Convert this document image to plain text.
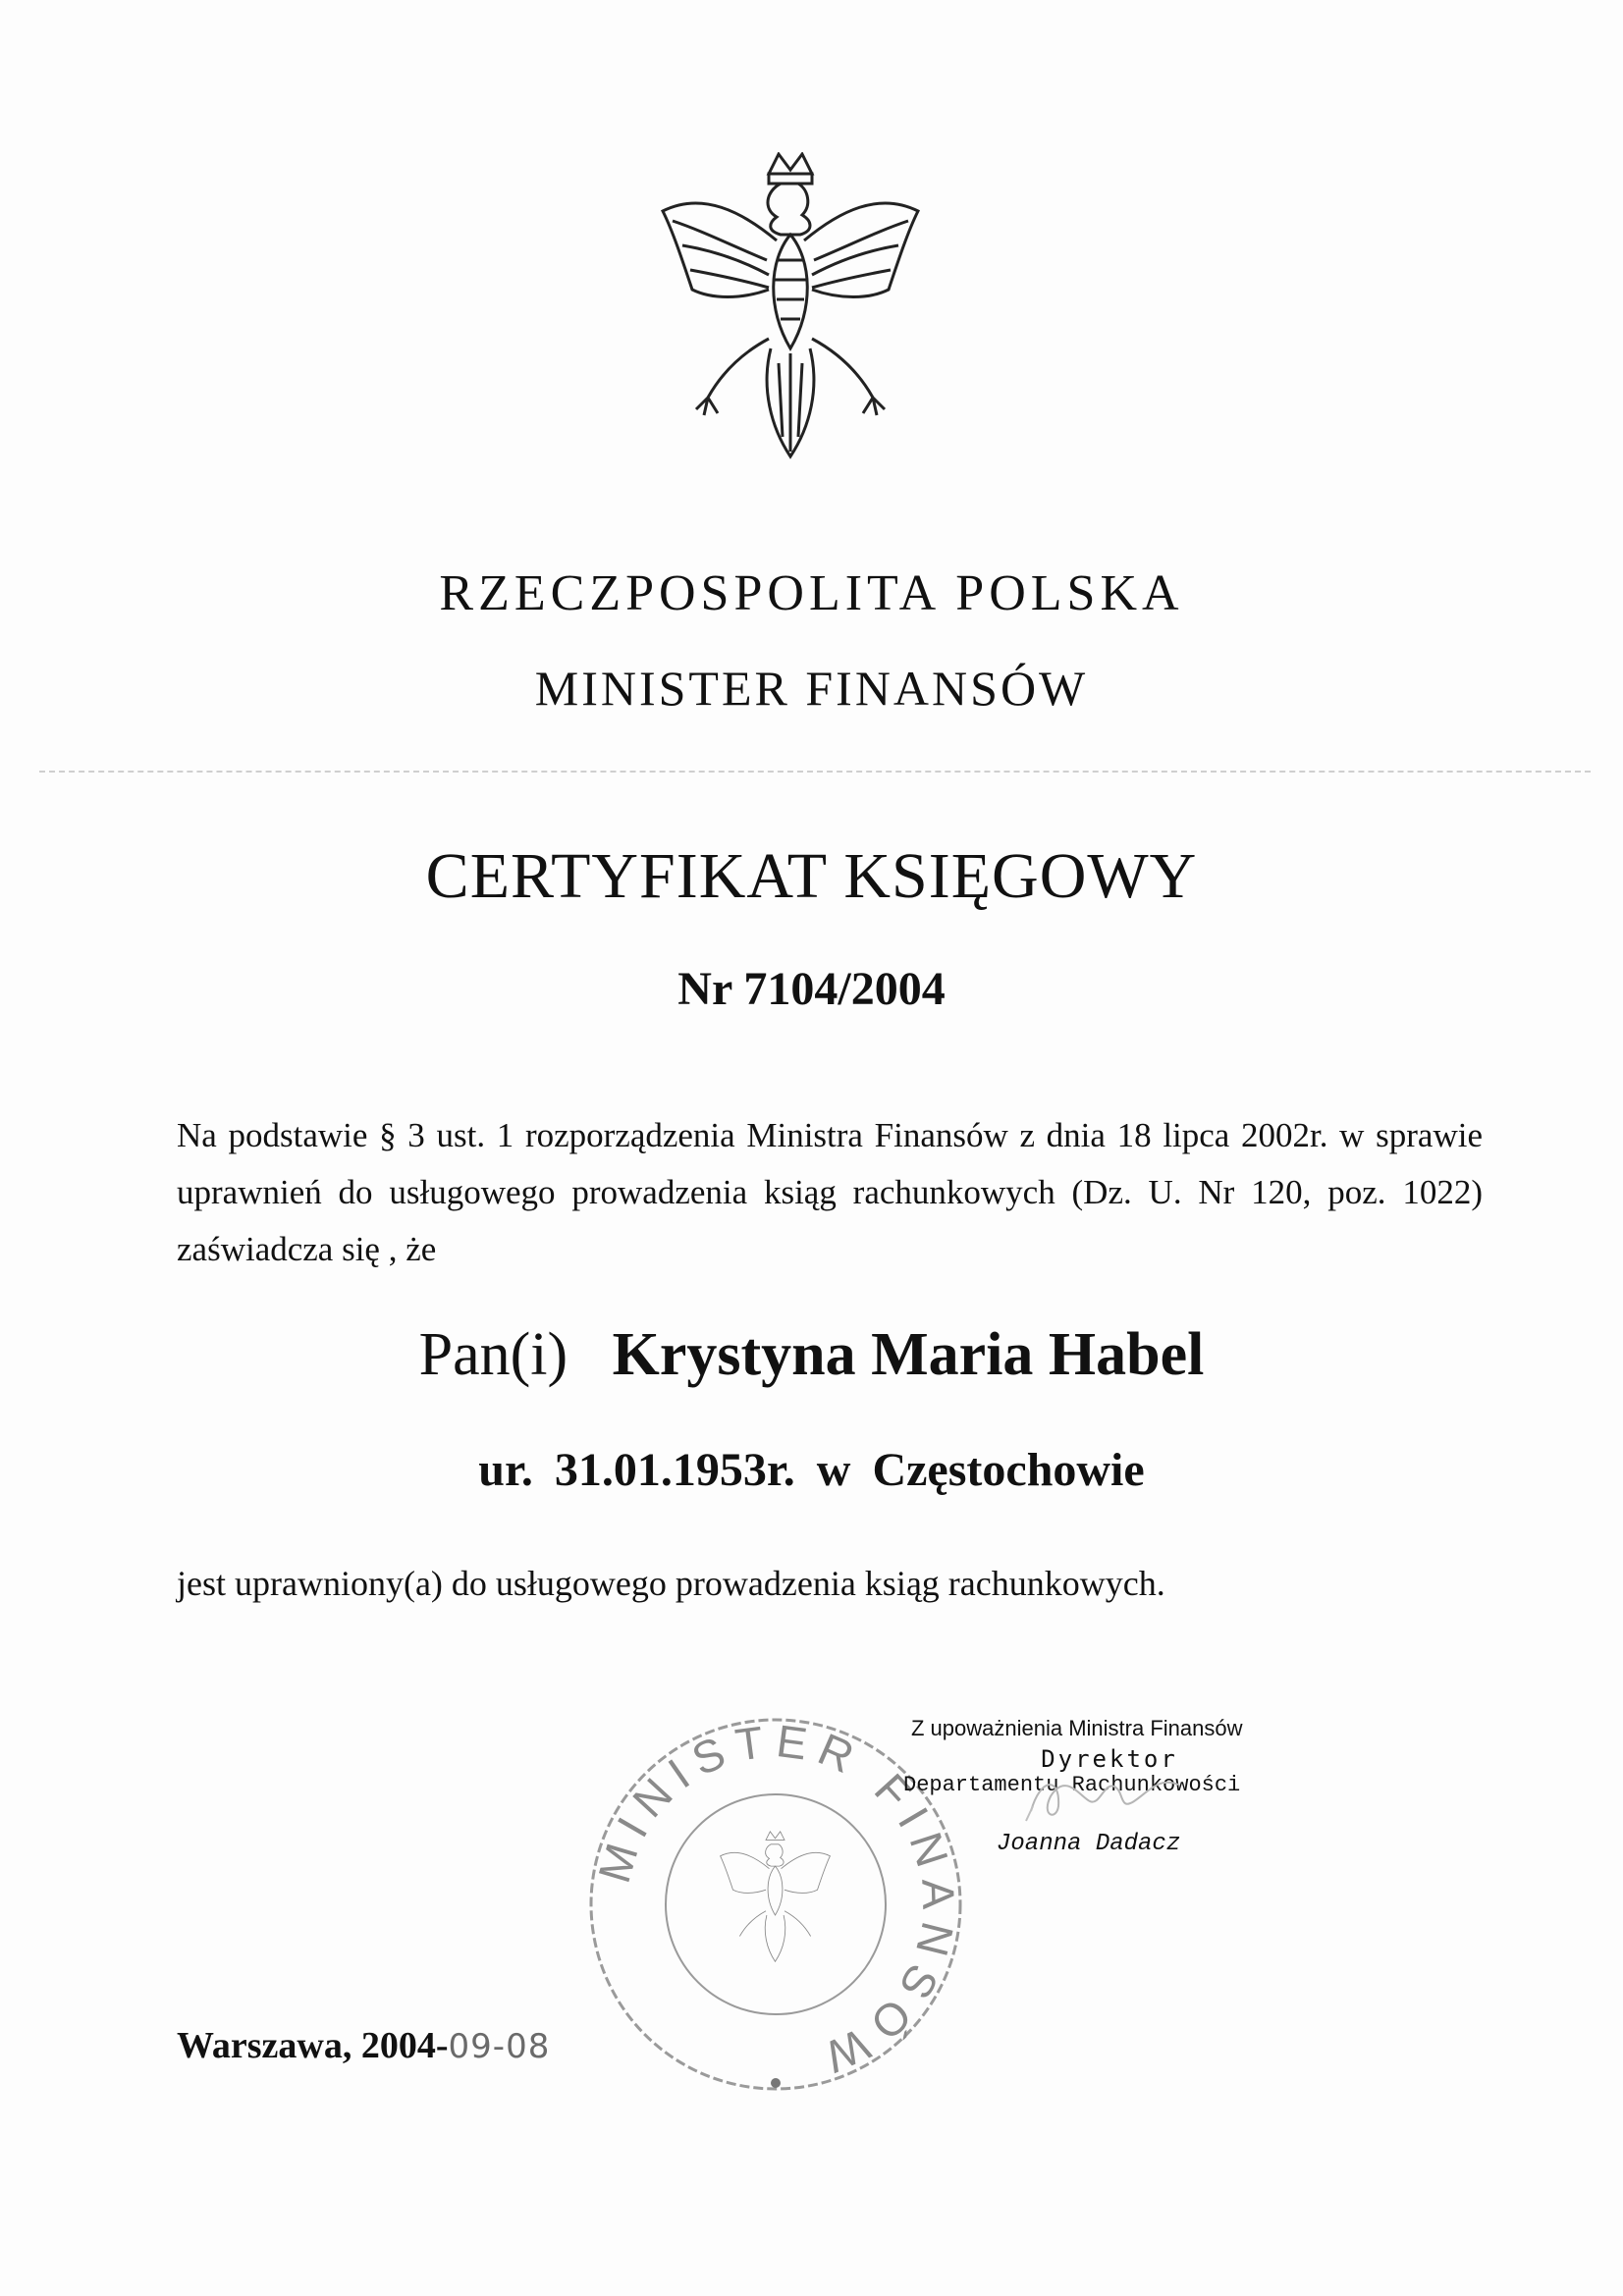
RZECZPOSPOLITA POLSKA
MINISTER FINANSÓW
CERTYFIKAT KSIĘGOWY
Nr 7104/2004

Na podstawie § 3 ust. 1 rozporządzenia Ministra Finansów z dnia 18 lipca 2002r. w sprawie uprawnień do usługowego prowadzenia ksiąg rachunkowych (Dz. U. Nr 120, poz. 1022) zaświadcza się , że

Pan(i) Krystyna Maria Habel
ur. 31.01.1953r. w Częstochowie

jest uprawniony(a) do usługowego prowadzenia ksiąg rachunkowych.

MINISTER FINANSÓW
Z upoważnienia Ministra Finansów
Dyrektor
Departamentu Rachunkowości
Joanna Dadacz

Warszawa, 2004-09-08
